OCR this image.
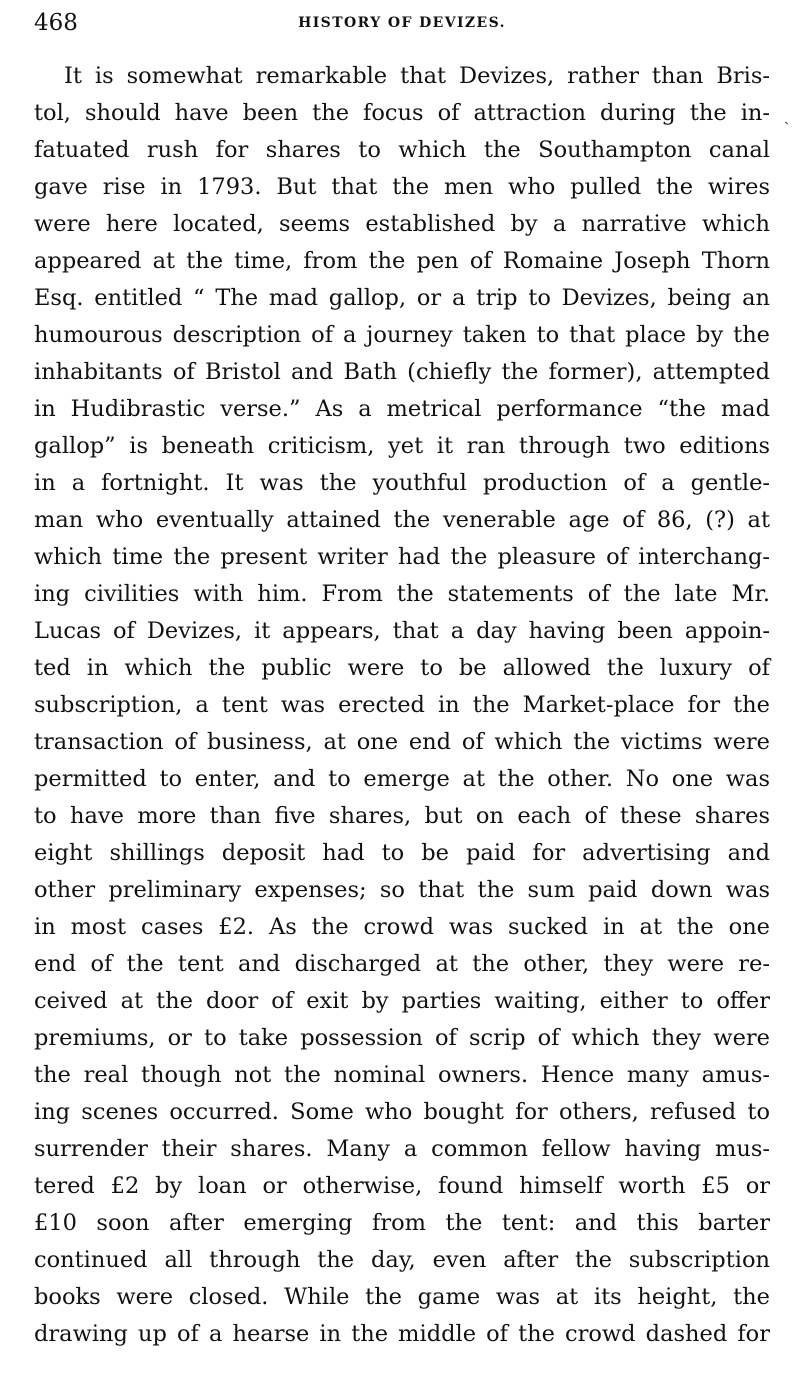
468	HISTORY OF DEVIZES.
ˎ
It is somewhat remarkable that Devizes, rather than Bris-
tol, should have been the focus of attraction during the in-
fatuated rush for shares to which the Southampton canal
gave rise in 1793. But that the men who pulled the wires
were here located, seems established by a narrative which
appeared at the time, from the pen of Romaine Joseph Thorn
Esq. entitled “ The mad gallop, or a trip to Devizes, being an
humourous description of a journey taken to that place by the
inhabitants of Bristol and Bath (chiefly the former), attempted
in Hudibrastic verse.” As a metrical performance “the mad
gallop” is beneath criticism, yet it ran through two editions
in a fortnight. It was the youthful production of a gentle-
man who eventually attained the venerable age of 86, (?) at
which time the present writer had the pleasure of interchang-
ing civilities with him. From the statements of the late Mr.
Lucas of Devizes, it appears, that a day having been appoin-
ted in which the public were to be allowed the luxury of
subscription, a tent was erected in the Market-place for the
transaction of business, at one end of which the victims were
permitted to enter, and to emerge at the other. No one was
to have more than five shares, but on each of these shares
eight shillings deposit had to be paid for advertising and
other preliminary expenses; so that the sum paid down was
in most cases £2. As the crowd was sucked in at the one
end of the tent and discharged at the other, they were re-
ceived at the door of exit by parties waiting, either to offer
premiums, or to take possession of scrip of which they were
the real though not the nominal owners. Hence many amus-
ing scenes occurred. Some who bought for others, refused to
surrender their shares. Many a common fellow having mus-
tered £2 by loan or otherwise, found himself worth £5 or
£10 soon after emerging from the tent: and this barter
continued all through the day, even after the subscription
books were closed. While the game was at its height, the
drawing up of a hearse in the middle of the crowd dashed for
